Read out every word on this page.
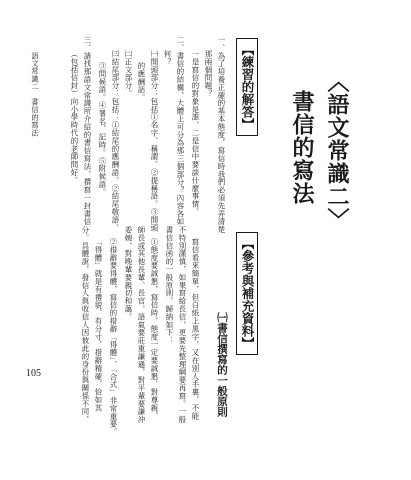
〈語文常識二〉
書信的寫法
【練習的解答】
【參考與補充資料】
㈠書信撰寫的一般原則
一、為了培養正確的基本態度，寫信時我們必須先弄清楚
那兩個問題？
一是寫信的對象是誰，二是信中要談什麼事情。
二、書信的結構，大體上可分為那三個部分？內容各如
何？
㈠開頭部分：包括①名字、稱謂。②提稱語。③開頭
的應酬話。
㈡正文部分。
㈢結尾部分：包括：①結尾的應酬語。②結尾敬語。
③問候語。④署名、記時。⑤附候語。
三、請找那語文常識所介紹的書信寫法，撰寫一封書信
（包括信封）向小學時代的老師問好。
寫信看來簡單，但白紙上黑字，又在別人手裏，不能
不特別謹慎，如果寫給長信，更要先整理綱要再寫。一般
書信信函的一般原則，歸納如下：
①態度要誠懇，寫信時，態度一定要誠懇，對尊親、
師長或其他長輩、長官，語氣要莊重謙遜，對平輩要謙沖
委婉，對晚輩要親切和藹。
②措辭要得體，寫信的措辭「得體」、「合式」非常重要。
「得體」就是有禮貌、有分寸，措辭精確，恰如其
分。具體說，發信人與收信人因彼此的身份與關係不同，
語文常識二　書信的寫法
105
